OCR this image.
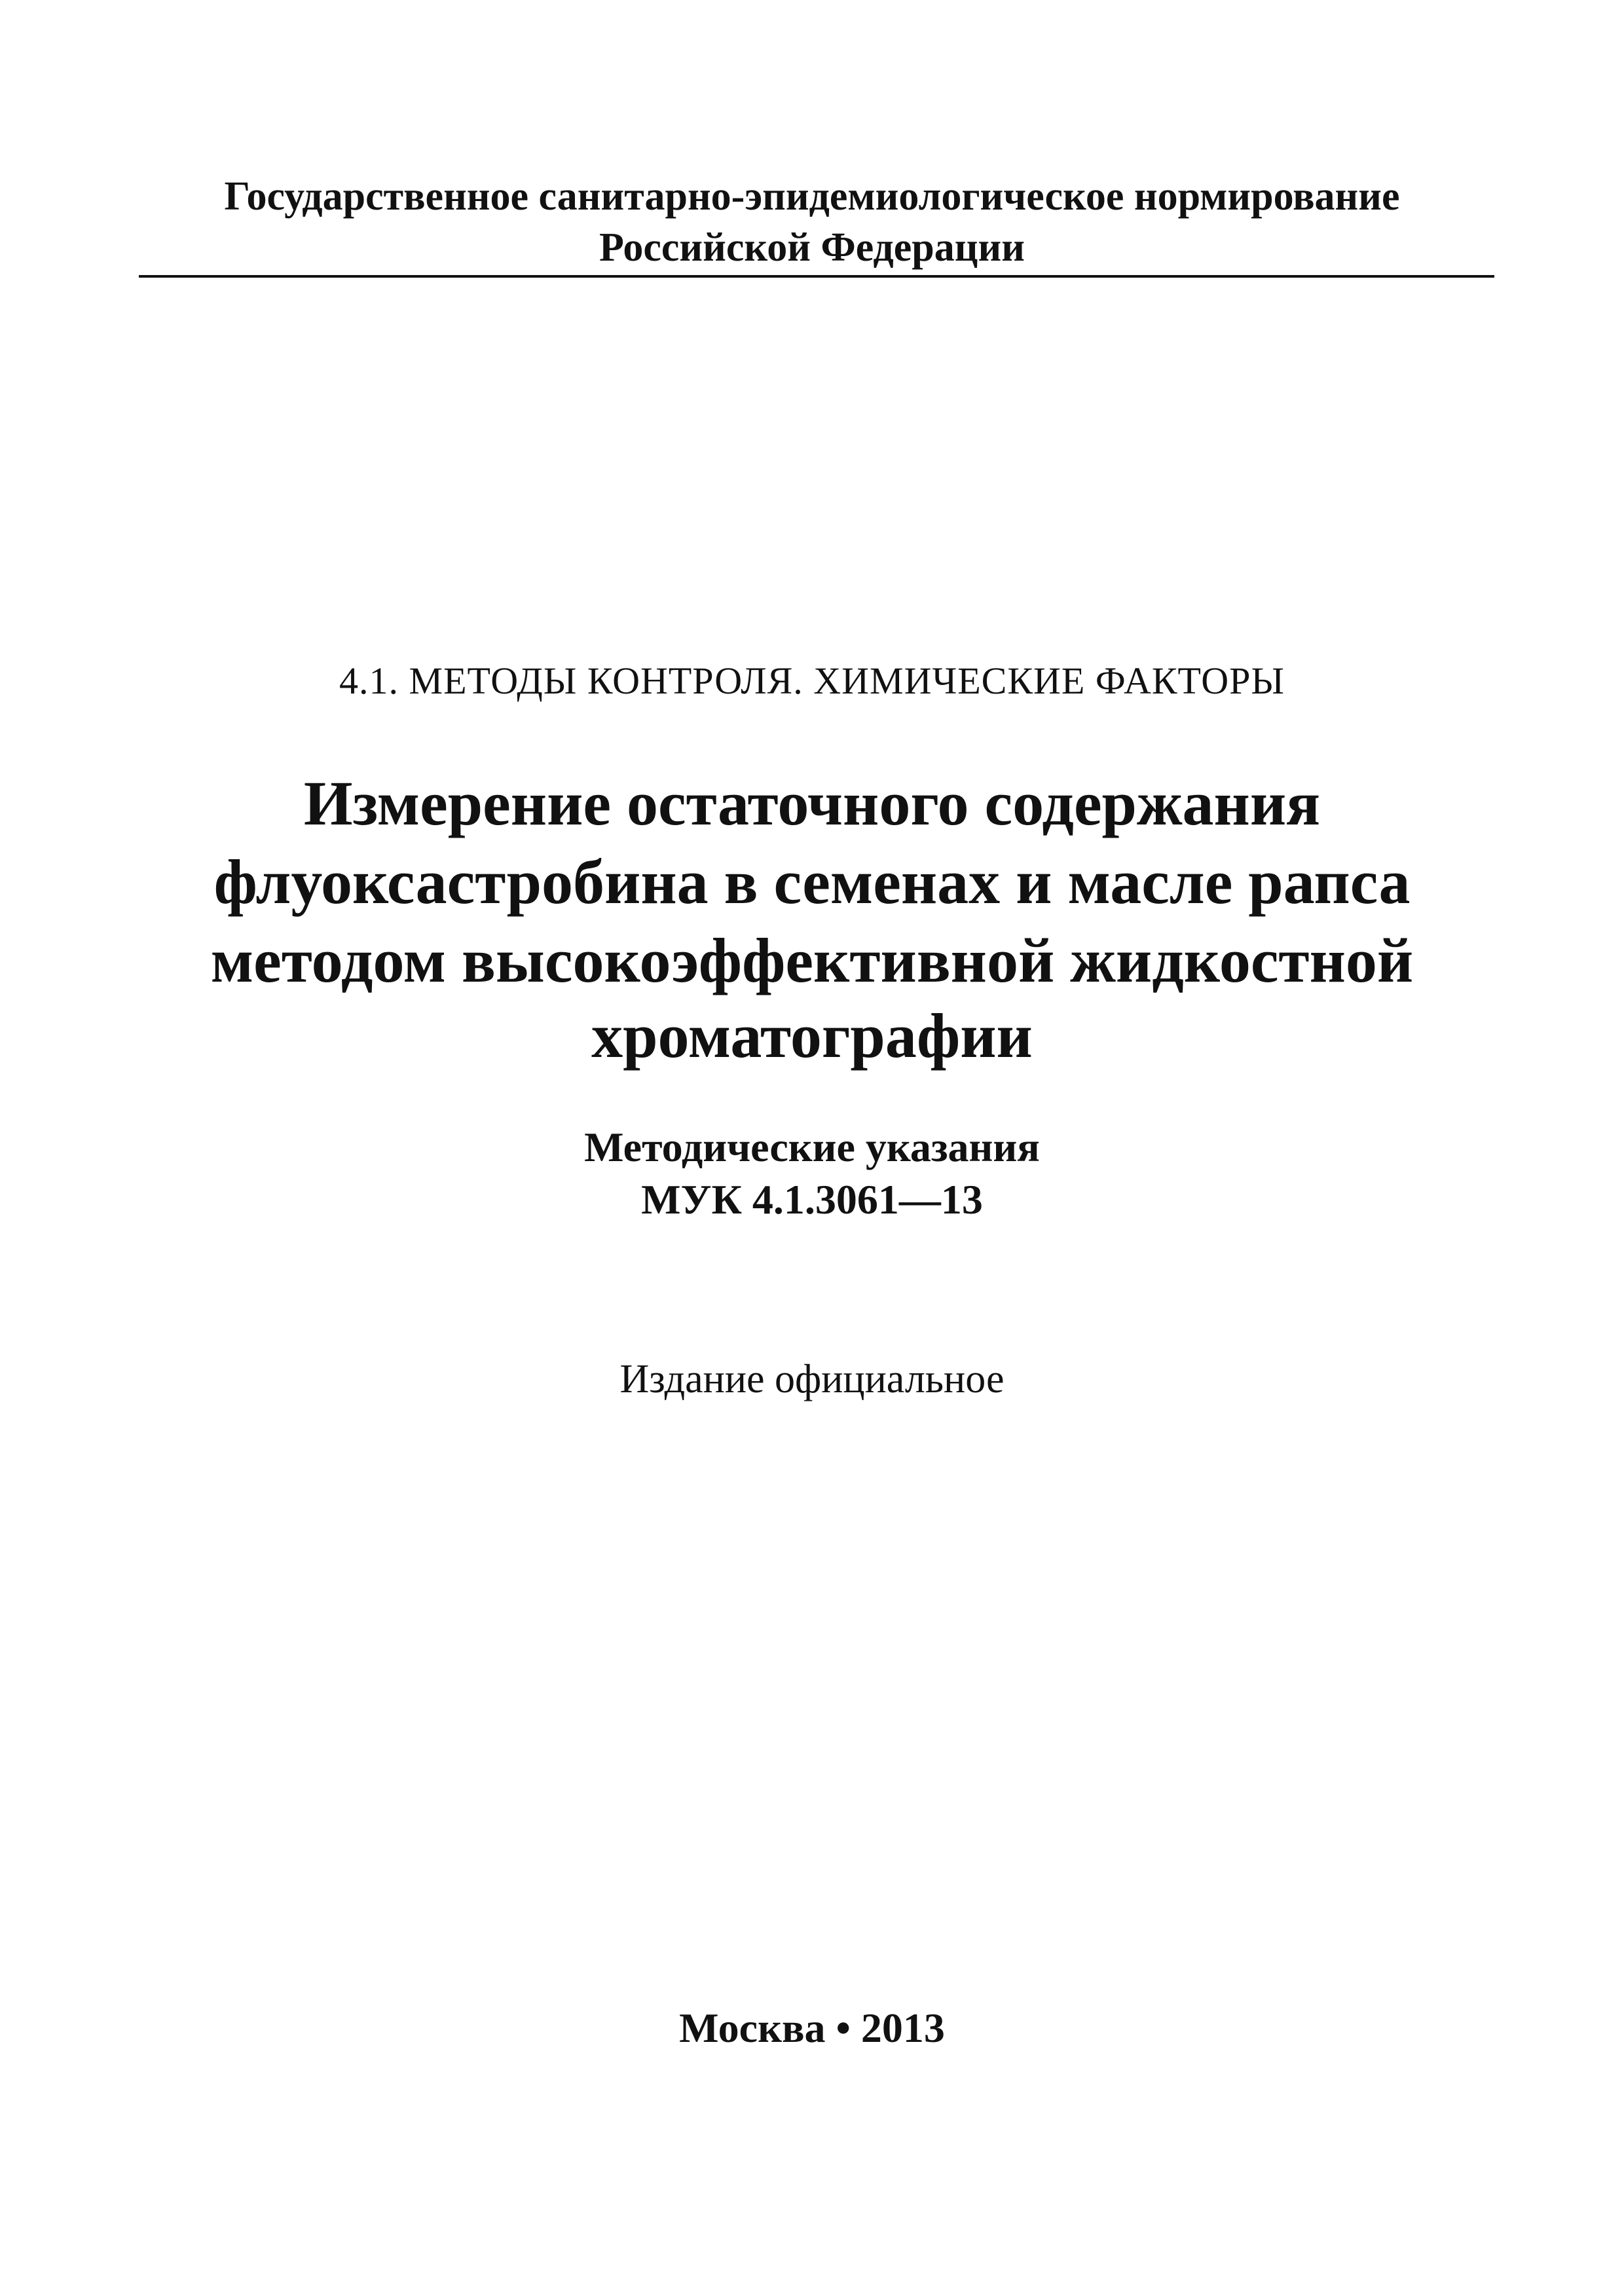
Государственное санитарно-эпидемиологическое нормирование
Российской Федерации
4.1. МЕТОДЫ КОНТРОЛЯ. ХИМИЧЕСКИЕ ФАКТОРЫ
Измерение остаточного содержания
флуоксастробина в семенах и масле рапса
методом высокоэффективной жидкостной
хроматографии
Методические указания
МУК 4.1.3061—13
Издание официальное
Москва • 2013
